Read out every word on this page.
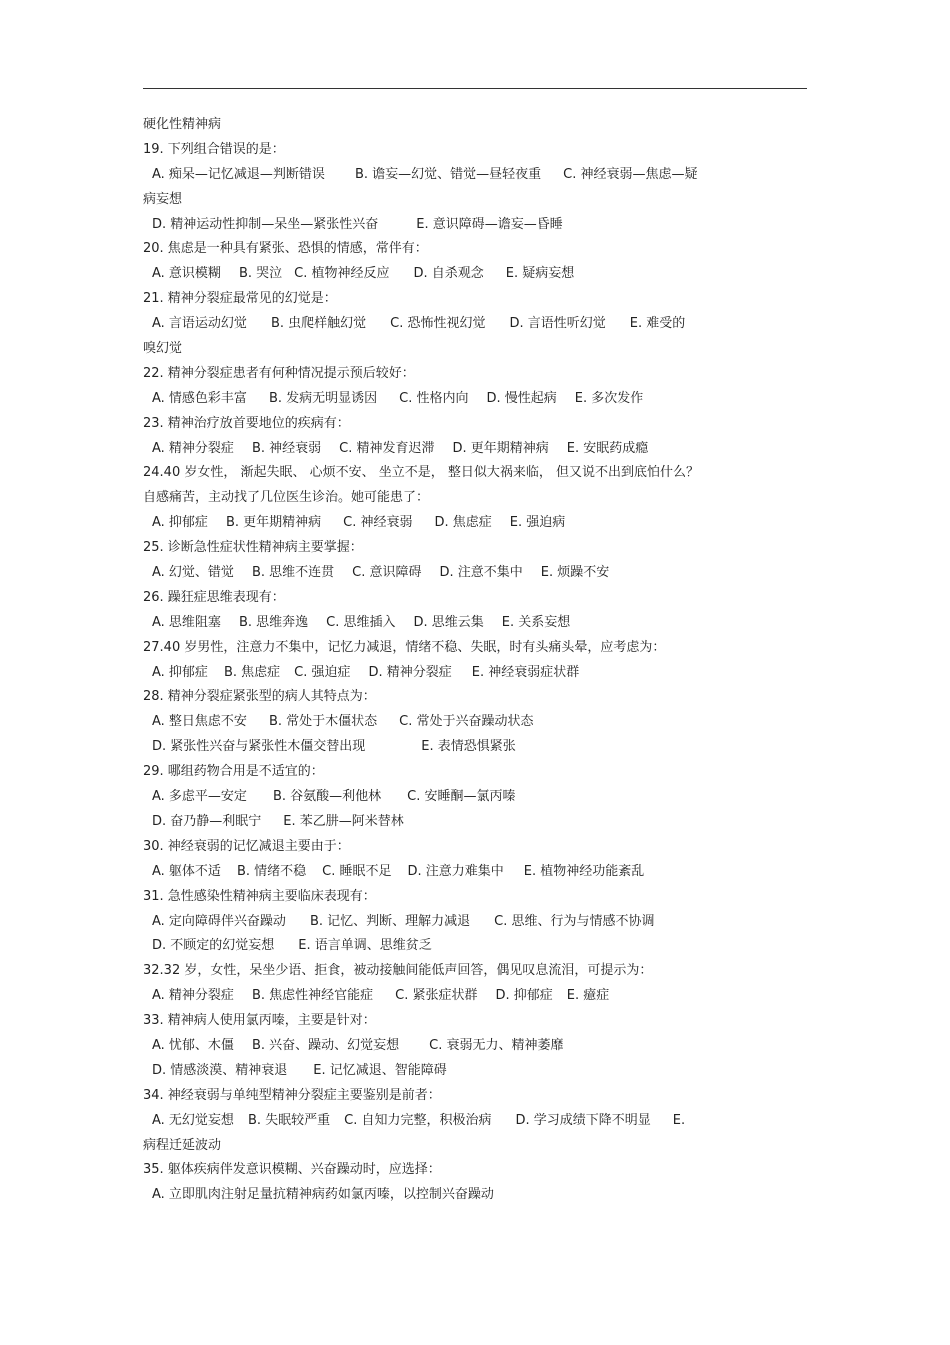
硬化性精神病
19. 下列组合错误的是：
A. 痴呆—记忆减退—判断错误 B. 谵妄—幻觉、错觉—昼轻夜重 C. 神经衰弱—焦虑—疑
病妄想
D. 精神运动性抑制—呆坐—紧张性兴奋	E. 意识障碍—谵妄—昏睡
20. 焦虑是一种具有紧张、恐惧的情感，常伴有：
A. 意识模糊 B. 哭泣 C. 植物神经反应 D. 自杀观念 E. 疑病妄想
21. 精神分裂症最常见的幻觉是：
A. 言语运动幻觉 B. 虫爬样触幻觉 C. 恐怖性视幻觉 D. 言语性听幻觉 E. 难受的
嗅幻觉
22. 精神分裂症患者有何种情况提示预后较好：
A. 情感色彩丰富 B. 发病无明显诱因 C. 性格内向 D. 慢性起病 E. 多次发作
23. 精神治疗放首要地位的疾病有：
A. 精神分裂症 B. 神经衰弱 C. 精神发育迟滞 D. 更年期精神病 E. 安眠药成瘾
24.40 岁女性， 渐起失眠、 心烦不安、 坐立不是， 整日似大祸来临， 但又说不出到底怕什么？
自感痛苦，主动找了几位医生诊治。她可能患了：
A. 抑郁症 B. 更年期精神病 C. 神经衰弱 D. 焦虑症 E. 强迫病
25. 诊断急性症状性精神病主要掌握：
A. 幻觉、错觉 B. 思维不连贯 C. 意识障碍 D. 注意不集中 E. 烦躁不安
26. 躁狂症思维表现有：
A. 思维阻塞 B. 思维奔逸 C. 思维插入 D. 思维云集 E. 关系妄想
27.40 岁男性，注意力不集中，记忆力减退，情绪不稳、失眠，时有头痛头晕，应考虑为：
A. 抑郁症 B. 焦虑症 C. 强迫症 D. 精神分裂症 E. 神经衰弱症状群
28. 精神分裂症紧张型的病人其特点为：
A. 整日焦虑不安 B. 常处于木僵状态 C. 常处于兴奋躁动状态
D. 紧张性兴奋与紧张性木僵交替出现	E. 表情恐惧紧张
29. 哪组药物合用是不适宜的：
A. 多虑平—安定 B. 谷氨酸—利他林 C. 安睡酮—氯丙嗪
D. 奋乃静—利眠宁 E. 苯乙肼—阿米替林
30. 神经衰弱的记忆减退主要由于：
A. 躯体不适 B. 情绪不稳 C. 睡眠不足 D. 注意力难集中 E. 植物神经功能紊乱
31. 急性感染性精神病主要临床表现有：
A. 定向障碍伴兴奋躁动 B. 记忆、判断、理解力减退 C. 思维、行为与情感不协调
D. 不顾定的幻觉妄想 E. 语言单调、思维贫乏
32.32 岁，女性，呆坐少语、拒食，被动接触间能低声回答，偶见叹息流泪，可提示为：
A. 精神分裂症 B. 焦虑性神经官能症 C. 紧张症状群 D. 抑郁症 E. 癔症
33. 精神病人使用氯丙嗪，主要是针对：
A. 忧郁、木僵 B. 兴奋、躁动、幻觉妄想 C. 衰弱无力、精神萎靡
D. 情感淡漠、精神衰退 E. 记忆减退、智能障碍
34. 神经衰弱与单纯型精神分裂症主要鉴别是前者：
A. 无幻觉妄想 B. 失眠较严重 C. 自知力完整，积极治病 D. 学习成绩下降不明显 E.
病程迁延波动
35. 躯体疾病伴发意识模糊、兴奋躁动时，应选择：
A. 立即肌肉注射足量抗精神病药如氯丙嗪，以控制兴奋躁动
